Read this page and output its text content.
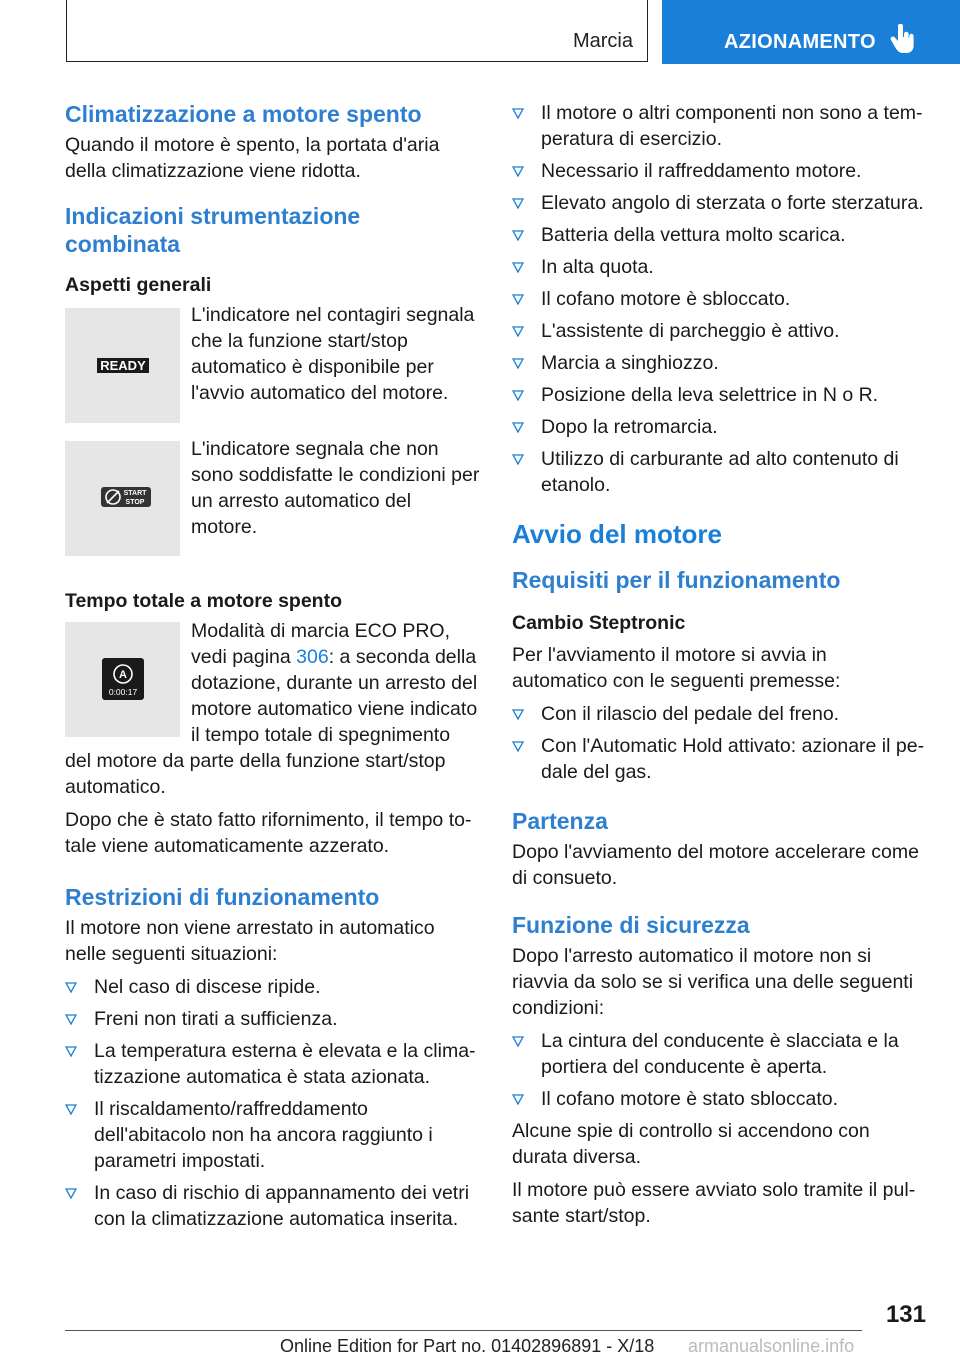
Marcia	AZIONAMENTO
Climatizzazione a motore spento

Quando il motore è spento, la portata d'aria della climatizzazione viene ridotta.

Indicazioni strumentazione combinata
Aspetti generali
READY

L'indicatore nel contagiri segnala che la funzione start/stop automatico è disponibile per l'avvio automatico del motore.

START
STOP

L'indicatore segnala che non sono soddisfatte le condizioni per un arresto automatico del motore.

Tempo totale a motore spento
A
0:00:17

Modalità di marcia ECO PRO, vedi pagina 306: a seconda della dotazione, durante un arresto del motore automatico viene indicato il tempo totale di spegnimento del motore da parte della funzione start/stop automatico.

Dopo che è stato fatto rifornimento, il tempo totale viene automaticamente azzerato.

Restrizioni di funzionamento

Il motore non viene arrestato in automatico nelle seguenti situazioni:

Nel caso di discese ripide.
Freni non tirati a sufficienza.
La temperatura esterna è elevata e la climatizzazione automatica è stata azionata.
Il riscaldamento/raffreddamento dell'abitacolo non ha ancora raggiunto i parametri impostati.
In caso di rischio di appannamento dei vetri con la climatizzazione automatica inserita.
Il motore o altri componenti non sono a temperatura di esercizio.
Necessario il raffreddamento motore.
Elevato angolo di sterzata o forte sterzatura.
Batteria della vettura molto scarica.
In alta quota.
Il cofano motore è sbloccato.
L'assistente di parcheggio è attivo.
Marcia a singhiozzo.
Posizione della leva selettrice in N o R.
Dopo la retromarcia.
Utilizzo di carburante ad alto contenuto di etanolo.
Avvio del motore
Requisiti per il funzionamento
Cambio Steptronic

Per l'avviamento il motore si avvia in automatico con le seguenti premesse:

Con il rilascio del pedale del freno.
Con l'Automatic Hold attivato: azionare il pedale del gas.
Partenza

Dopo l'avviamento del motore accelerare come di consueto.

Funzione di sicurezza

Dopo l'arresto automatico il motore non si riavvia da solo se si verifica una delle seguenti condizioni:

La cintura del conducente è slacciata e la portiera del conducente è aperta.
Il cofano motore è stato sbloccato.

Alcune spie di controllo si accendono con durata diversa.

Il motore può essere avviato solo tramite il pulsante start/stop.

131
Online Edition for Part no. 01402896891 - X/18 armanualsonline.info
